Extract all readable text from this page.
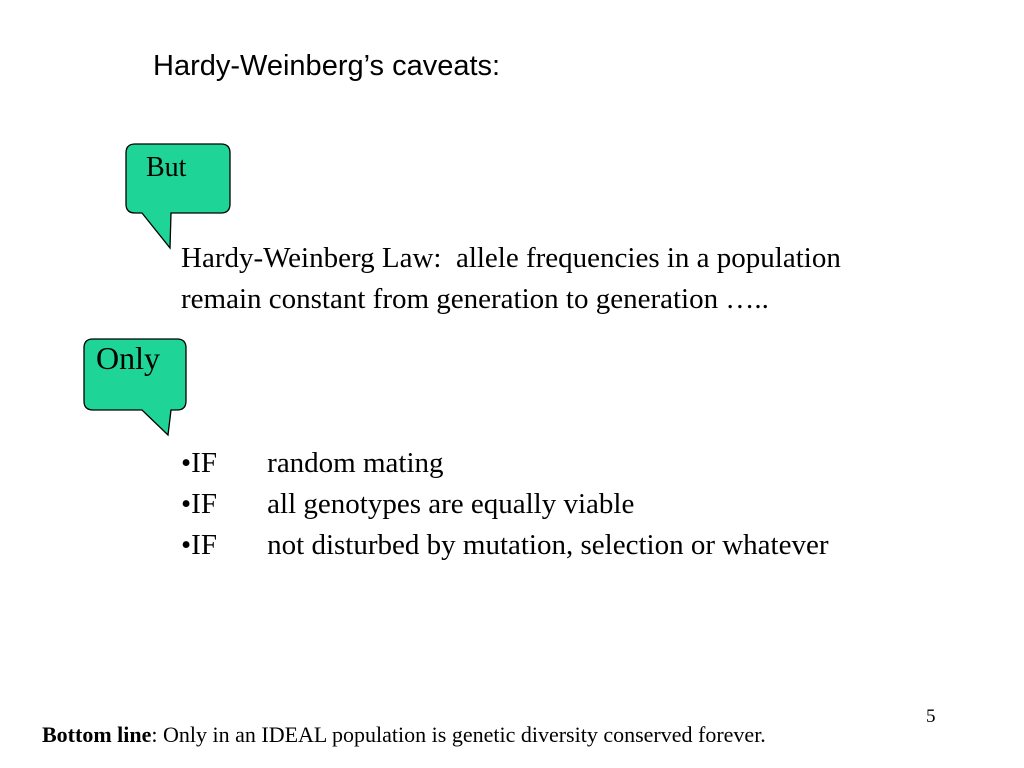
Hardy-Weinberg’s caveats:
But
Only
Hardy-Weinberg Law:  allele frequencies in a population
remain constant from generation to generation …..
•IF random mating
•IF all genotypes are equally viable
•IF not disturbed by mutation, selection or whatever
5
Bottom line: Only in an IDEAL population is genetic diversity conserved forever.
